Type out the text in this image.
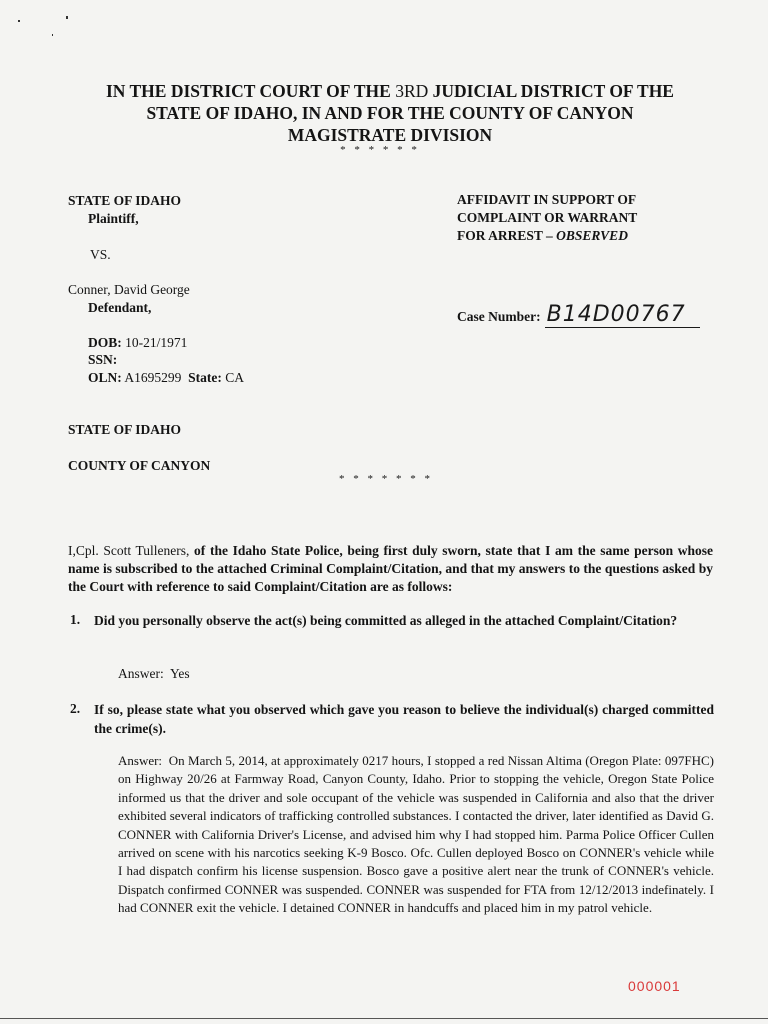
IN THE DISTRICT COURT OF THE 3RD JUDICIAL DISTRICT OF THE
STATE OF IDAHO, IN AND FOR THE COUNTY OF CANYON
MAGISTRATE DIVISION
* * * * * *
STATE OF IDAHO
Plaintiff,
VS.
Conner, David George
Defendant,
AFFIDAVIT IN SUPPORT OF
COMPLAINT OR WARRANT
FOR ARREST – OBSERVED
Case Number: B14D00767
DOB: 10-21/1971
SSN:
OLN: A1695299 State: CA
STATE OF IDAHO
COUNTY OF CANYON
* * * * * * *
I,Cpl. Scott Tulleners, of the Idaho State Police, being first duly sworn, state that I am the same person whose name is subscribed to the attached Criminal Complaint/Citation, and that my answers to the questions asked by the Court with reference to said Complaint/Citation are as follows:
1. Did you personally observe the act(s) being committed as alleged in the attached Complaint/Citation?
Answer: Yes
2. If so, please state what you observed which gave you reason to believe the individual(s) charged committed the crime(s).
Answer: On March 5, 2014, at approximately 0217 hours, I stopped a red Nissan Altima (Oregon Plate: 097FHC) on Highway 20/26 at Farmway Road, Canyon County, Idaho. Prior to stopping the vehicle, Oregon State Police informed us that the driver and sole occupant of the vehicle was suspended in California and also that the driver exhibited several indicators of trafficking controlled substances. I contacted the driver, later identified as David G. CONNER with California Driver's License, and advised him why I had stopped him. Parma Police Officer Cullen arrived on scene with his narcotics seeking K-9 Bosco. Ofc. Cullen deployed Bosco on CONNER's vehicle while I had dispatch confirm his license suspension. Bosco gave a positive alert near the trunk of CONNER's vehicle. Dispatch confirmed CONNER was suspended. CONNER was suspended for FTA from 12/12/2013 indefinately. I had CONNER exit the vehicle. I detained CONNER in handcuffs and placed him in my patrol vehicle.
000001
